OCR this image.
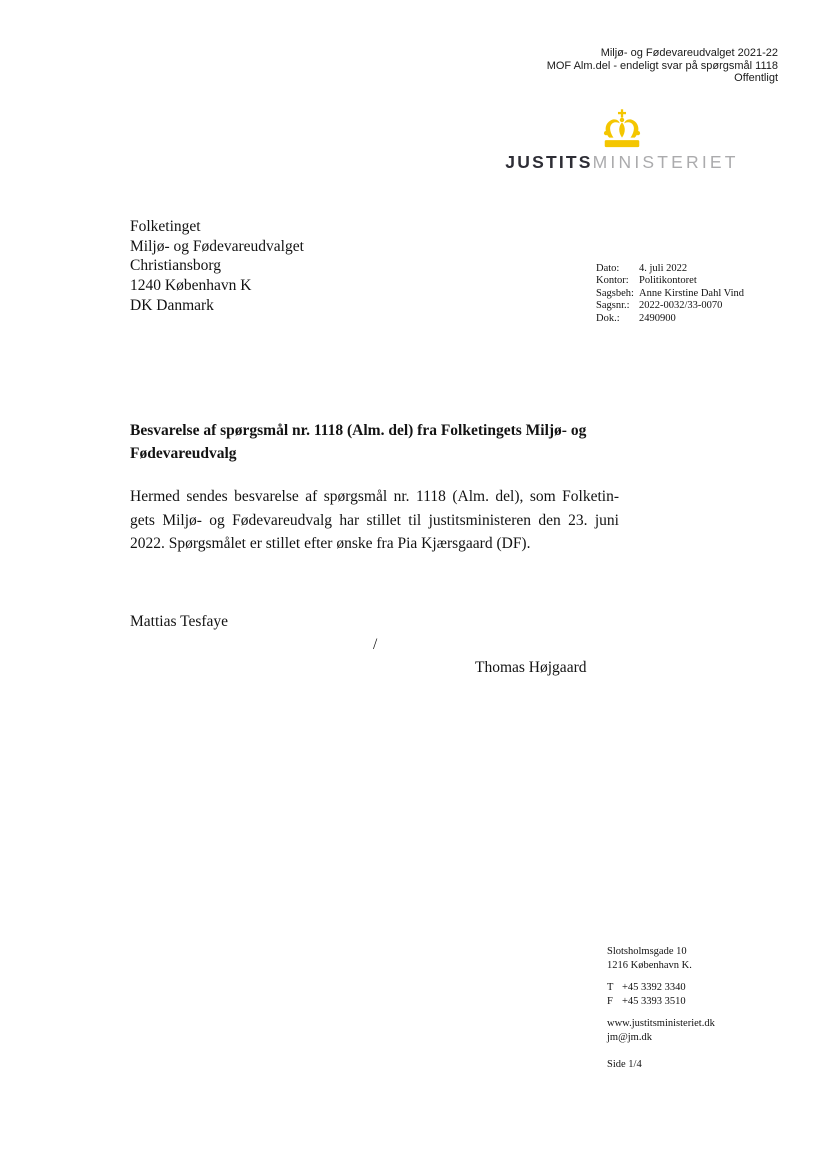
Miljø- og Fødevareudvalget 2021-22
MOF Alm.del - endeligt svar på spørgsmål 1118
Offentligt
JUSTITSMINISTERIET
Folketinget
Miljø- og Fødevareudvalget
Christiansborg
1240 København K
DK Danmark
Dato:	4. juli 2022
Kontor: Politikontoret
Sagsbeh: Anne Kirstine Dahl Vind
Sagsnr.: 2022-0032/33-0070
Dok.:	2490900
Besvarelse af spørgsmål nr. 1118 (Alm. del) fra Folketingets Miljø- og
Fødevareudvalg
Hermed sendes besvarelse af spørgsmål nr. 1118 (Alm. del), som Folketin-
gets Miljø- og Fødevareudvalg har stillet til justitsministeren den 23. juni
2022. Spørgsmålet er stillet efter ønske fra Pia Kjærsgaard (DF).
Mattias Tesfaye
/
Thomas Højgaard
Slotsholmsgade 10
1216 København K.
T +45 3392 3340
F +45 3393 3510
www.justitsministeriet.dk
jm@jm.dk
Side 1/4
